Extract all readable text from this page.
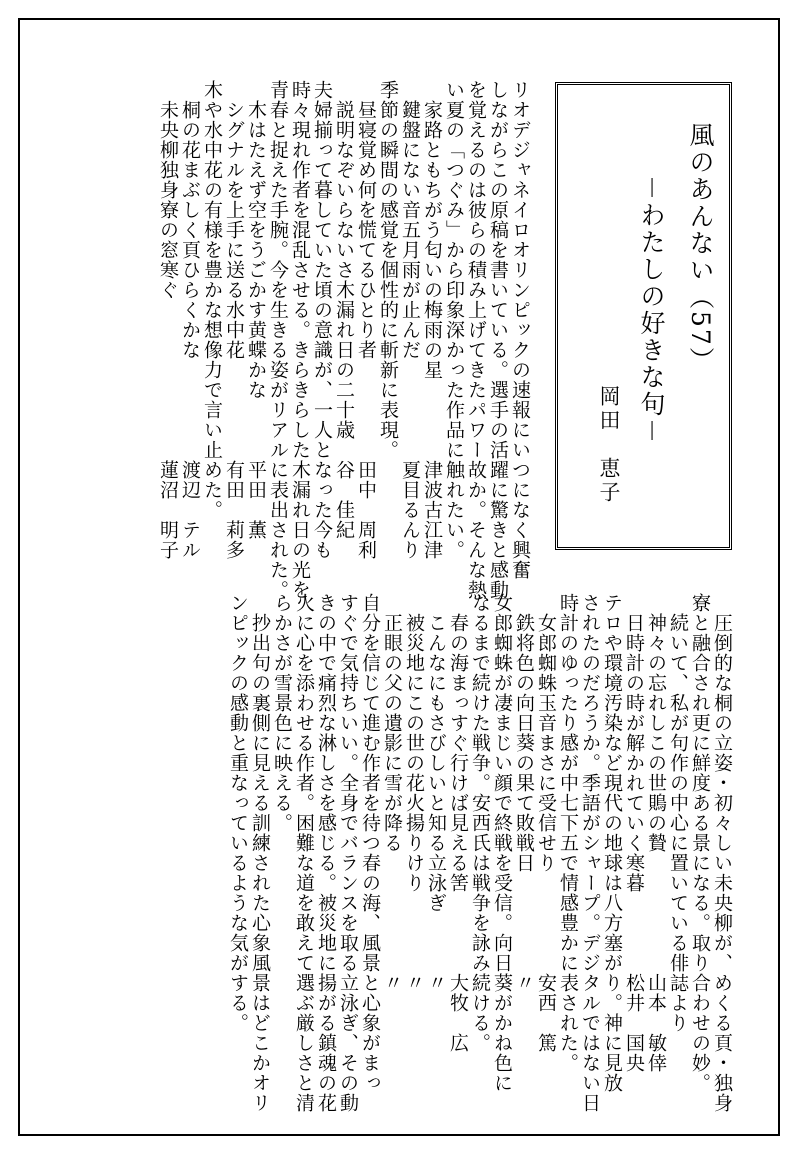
風のあんない（57）
－わたしの好きな句－
岡田　恵子
リオデジャネイロオリンピックの速報にいつになく興奮
しながらこの原稿を書いている。選手の活躍に驚きと感動
を覚えるのは彼らの積み上げてきたパワー故か。そんな熱
い夏の「つぐみ」から印象深かった作品に触れたい。
　家路ともちがう匂いの梅雨の星　　　　津波古江津
　鍵盤にない音五月雨が止んだ　　　　　夏目るんり
季節の瞬間の感覚を個性的に斬新に表現。
　昼寝覚め何を慌てるひとり者　　　　　田中　周利
　説明なぞいらないさ木漏れ日の二十歳　谷　佳紀
夫婦揃って暮していた頃の意識が、一人となった今も
時々現れ作者を混乱させる。きらきらした木漏れ日の光を
青春と捉えた手腕。今を生きる姿がリアルに表出された。
　木はたえず空をうごかす黄蝶かな　　　平田　薫
　シグナルを上手に送る水中花　　　　　有田　莉多
木や水中花の有様を豊かな想像力で言い止めた。
　桐の花まぶしく頁ひらくかな　　　　　渡辺　テル
　未央柳独身寮の窓寒ぐ　　　　　　　　蓮沼　明子
　圧倒的な桐の立姿・初々しい未央柳が、めくる頁・独身
寮と融合され更に鮮度ある景になる。取り合わせの妙。
　続いて、私が句作の中心に置いている俳誌より
　神々の忘れしこの世鵙の贄　　　　　　山本　敏倖
　日時計の時が解かれていく寒暮　　　　松井　国央
テロや環境汚染など現代の地球は八方塞がり。神に見放
されたのだろうか。季語がシャープ。デジタルではない日
時計のゆったり感が中七下五で情感豊かに表された。
　女郎蜘蛛玉音まさに受信せり　　　　　安西　篤
　鉄将色の向日葵の果て敗戦日　　　　　〃
女郎蜘蛛が凄まじい顔で終戦を受信。向日葵がかね色に
なるまで続けた戦争。安西氏は戦争を詠み続ける。
　春の海まっすぐ行けば見える筈　　　　大牧　広
　こんなにもさびしいと知る立泳ぎ　　　〃
　被災地にこの世の花火揚りけり　　　　〃
　正眼の父の遺影に雪が降る　　　　　　〃
自分を信じて進む作者を待つ春の海、風景と心象がまっ
すぐで気持ちいい。全身でバランスを取る立泳ぎ、その動
きの中で痛烈な淋しさを感じる。被災地に揚がる鎮魂の花
火に心を添わせる作者。困難な道を敢えて選ぶ厳しさと清
らかさが雪景色に映える。
　抄出句の裏側に見える訓練された心象風景はどこかオリ
ンピックの感動と重なっているような気がする。
